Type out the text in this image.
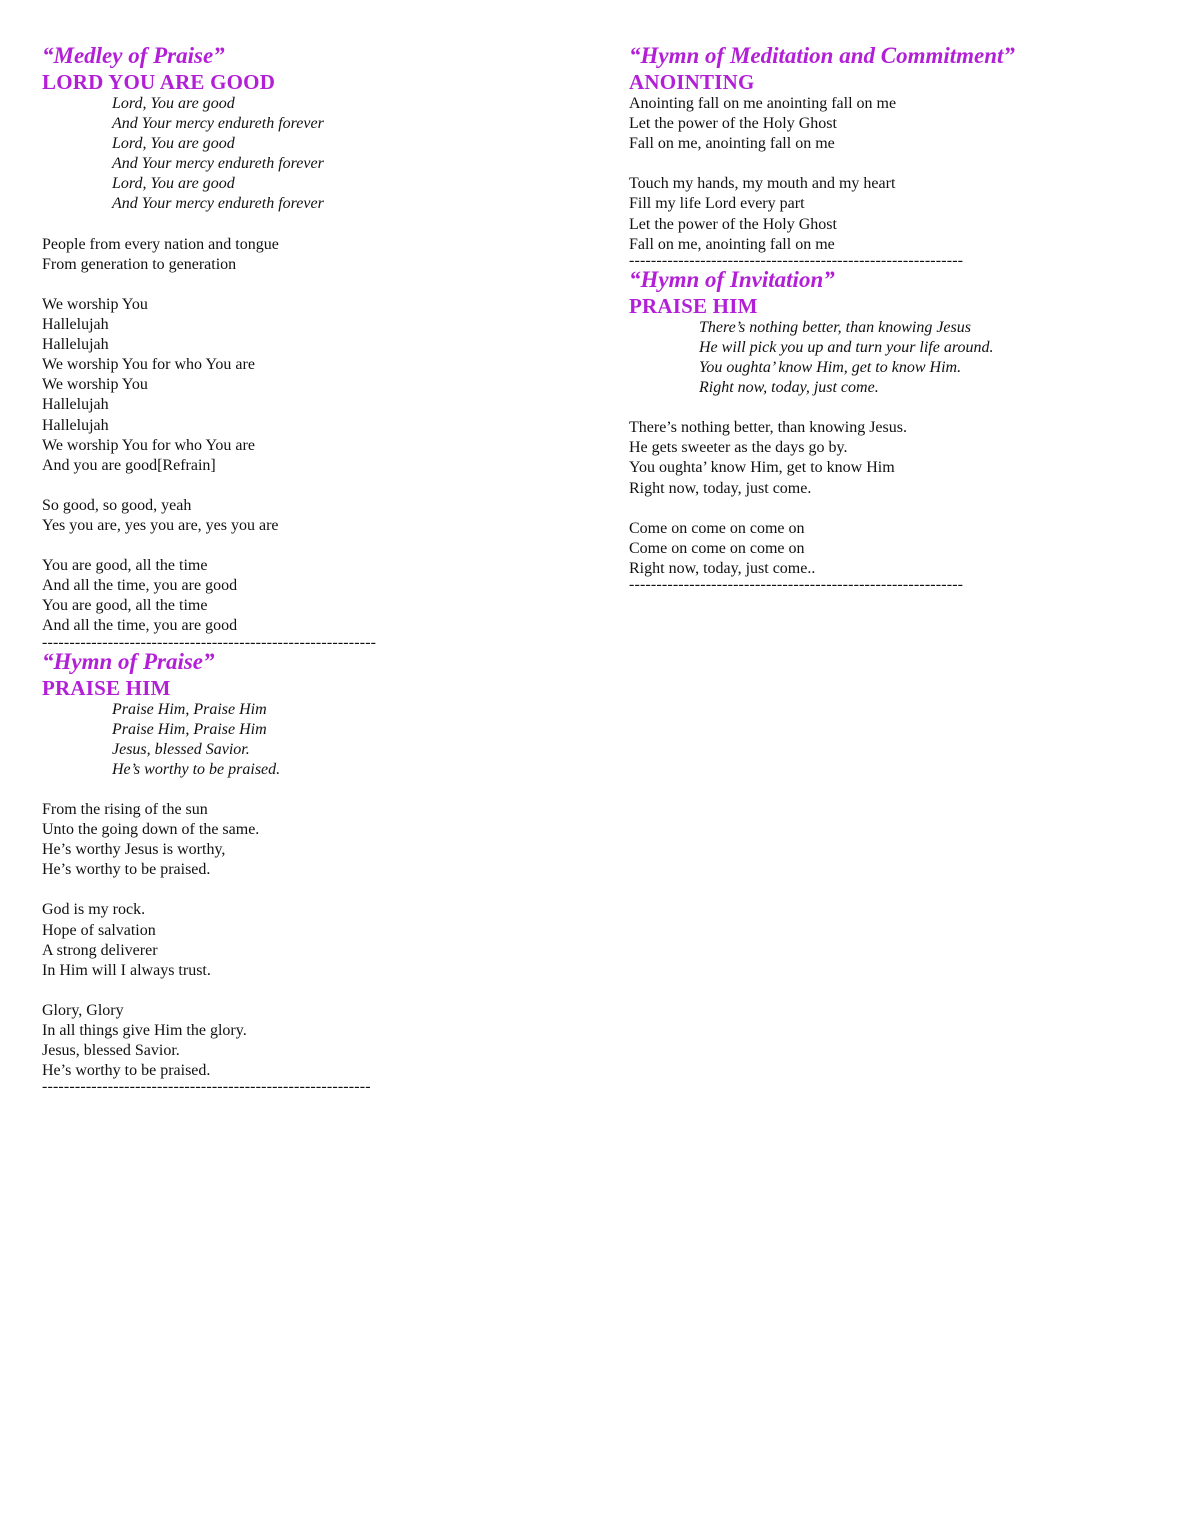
“Medley of Praise”
LORD YOU ARE GOOD
Lord, You are good
And Your mercy endureth forever
Lord, You are good
And Your mercy endureth forever
Lord, You are good
And Your mercy endureth forever
People from every nation and tongue
From generation to generation
We worship You
Hallelujah
Hallelujah
We worship You for who You are
We worship You
Hallelujah
Hallelujah
We worship You for who You are
And you are good[Refrain]
So good, so good, yeah
Yes you are, yes you are, yes you are
You are good, all the time
And all the time, you are good
You are good, all the time
And all the time, you are good
-------------------------------------------------------------
“Hymn of Praise”
PRAISE HIM
Praise Him, Praise Him
Praise Him, Praise Him
Jesus, blessed Savior.
He’s worthy to be praised.
From the rising of the sun
Unto the going down of the same.
He’s worthy Jesus is worthy,
He’s worthy to be praised.
God is my rock.
Hope of salvation
A strong deliverer
In Him will I always trust.
Glory, Glory
In all things give Him the glory.
Jesus, blessed Savior.
He’s worthy to be praised.
------------------------------------------------------------
“Hymn of Meditation and Commitment”
ANOINTING
Anointing fall on me anointing fall on me
Let the power of the Holy Ghost
Fall on me, anointing fall on me
Touch my hands, my mouth and my heart
Fill my life Lord every part
Let the power of the Holy Ghost
Fall on me, anointing fall on me
-------------------------------------------------------------
“Hymn of Invitation”
PRAISE HIM
There’s nothing better, than knowing Jesus
He will pick you up and turn your life around.
You oughta’ know Him, get to know Him.
Right now, today, just come.
There’s nothing better, than knowing Jesus.
He gets sweeter as the days go by.
You oughta’ know Him, get to know Him
Right now, today, just come.
Come on come on come on
Come on come on come on
Right now, today, just come..
-------------------------------------------------------------
